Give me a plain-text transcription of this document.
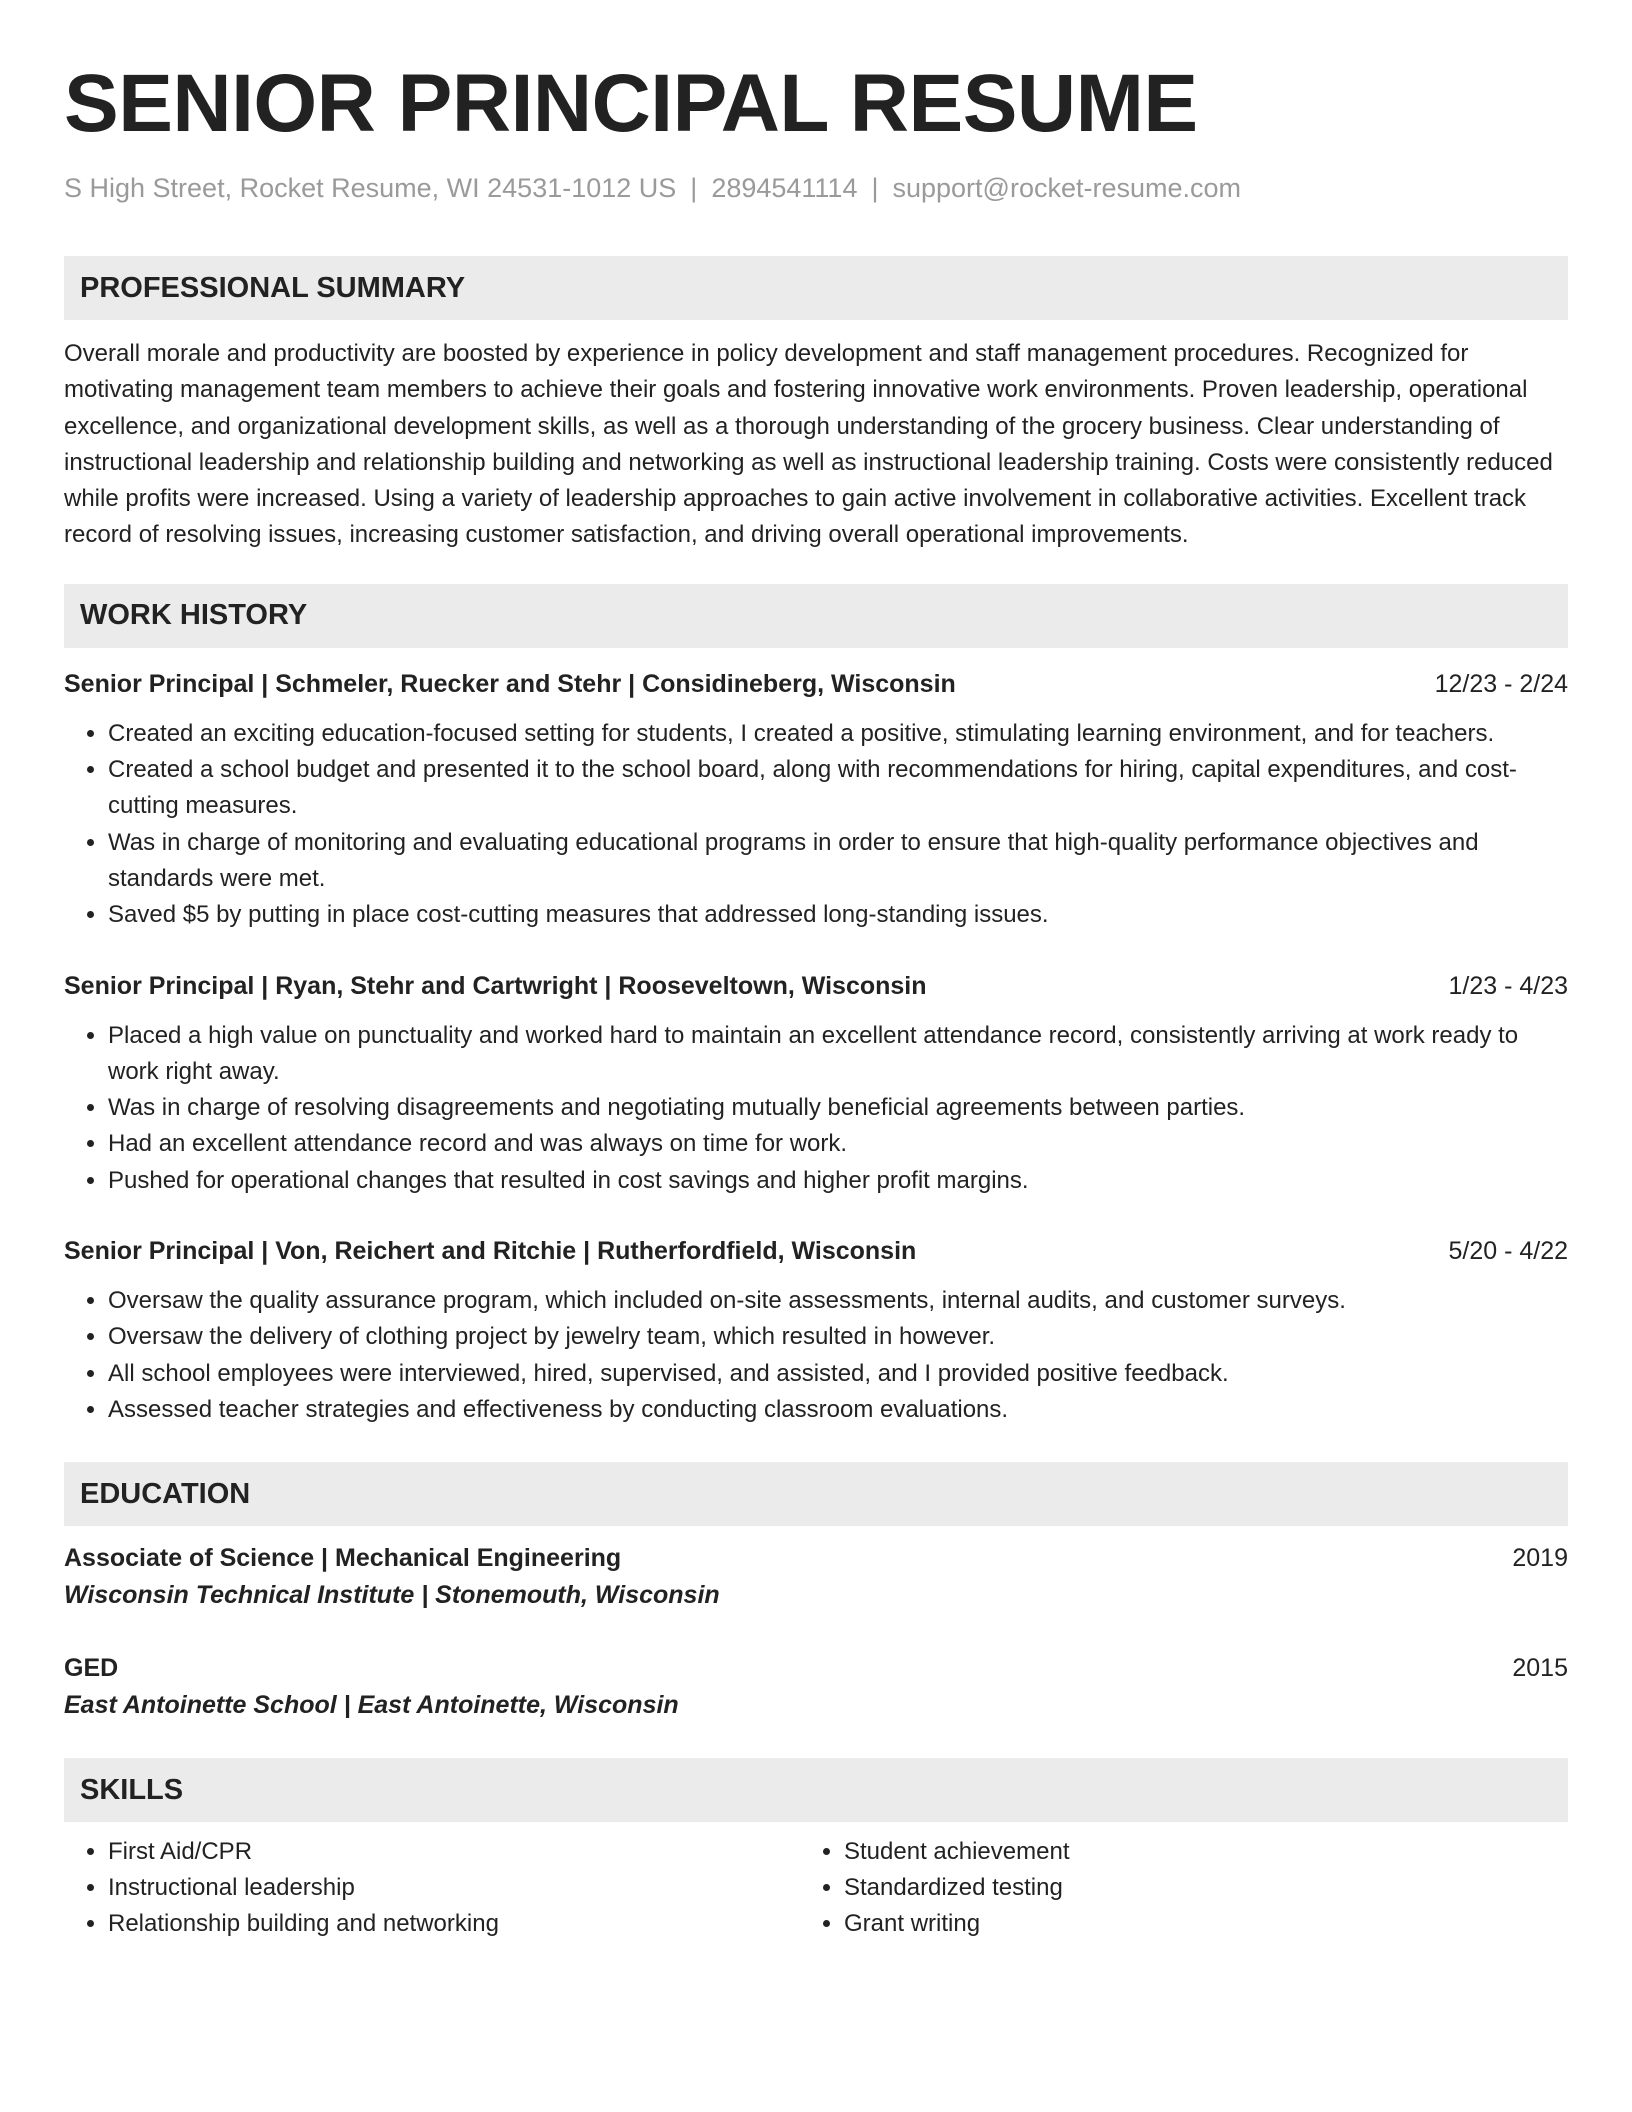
SENIOR PRINCIPAL RESUME
S High Street, Rocket Resume, WI 24531-1012 US | 2894541114 | support@rocket-resume.com
PROFESSIONAL SUMMARY
Overall morale and productivity are boosted by experience in policy development and staff management procedures. Recognized for motivating management team members to achieve their goals and fostering innovative work environments. Proven leadership, operational excellence, and organizational development skills, as well as a thorough understanding of the grocery business. Clear understanding of instructional leadership and relationship building and networking as well as instructional leadership training. Costs were consistently reduced while profits were increased. Using a variety of leadership approaches to gain active involvement in collaborative activities. Excellent track record of resolving issues, increasing customer satisfaction, and driving overall operational improvements.
WORK HISTORY
Senior Principal | Schmeler, Ruecker and Stehr | Considineberg, Wisconsin	12/23 - 2/24
• Created an exciting education-focused setting for students, I created a positive, stimulating learning environment, and for teachers.
• Created a school budget and presented it to the school board, along with recommendations for hiring, capital expenditures, and cost-cutting measures.
• Was in charge of monitoring and evaluating educational programs in order to ensure that high-quality performance objectives and standards were met.
• Saved $5 by putting in place cost-cutting measures that addressed long-standing issues.
Senior Principal | Ryan, Stehr and Cartwright | Rooseveltown, Wisconsin	1/23 - 4/23
• Placed a high value on punctuality and worked hard to maintain an excellent attendance record, consistently arriving at work ready to work right away.
• Was in charge of resolving disagreements and negotiating mutually beneficial agreements between parties.
• Had an excellent attendance record and was always on time for work.
• Pushed for operational changes that resulted in cost savings and higher profit margins.
Senior Principal | Von, Reichert and Ritchie | Rutherfordfield, Wisconsin	5/20 - 4/22
• Oversaw the quality assurance program, which included on-site assessments, internal audits, and customer surveys.
• Oversaw the delivery of clothing project by jewelry team, which resulted in however.
• All school employees were interviewed, hired, supervised, and assisted, and I provided positive feedback.
• Assessed teacher strategies and effectiveness by conducting classroom evaluations.
EDUCATION
Associate of Science | Mechanical Engineering	2019
Wisconsin Technical Institute | Stonemouth, Wisconsin
GED	2015
East Antoinette School | East Antoinette, Wisconsin
SKILLS
• First Aid/CPR
• Instructional leadership
• Relationship building and networking
• Student achievement
• Standardized testing
• Grant writing
